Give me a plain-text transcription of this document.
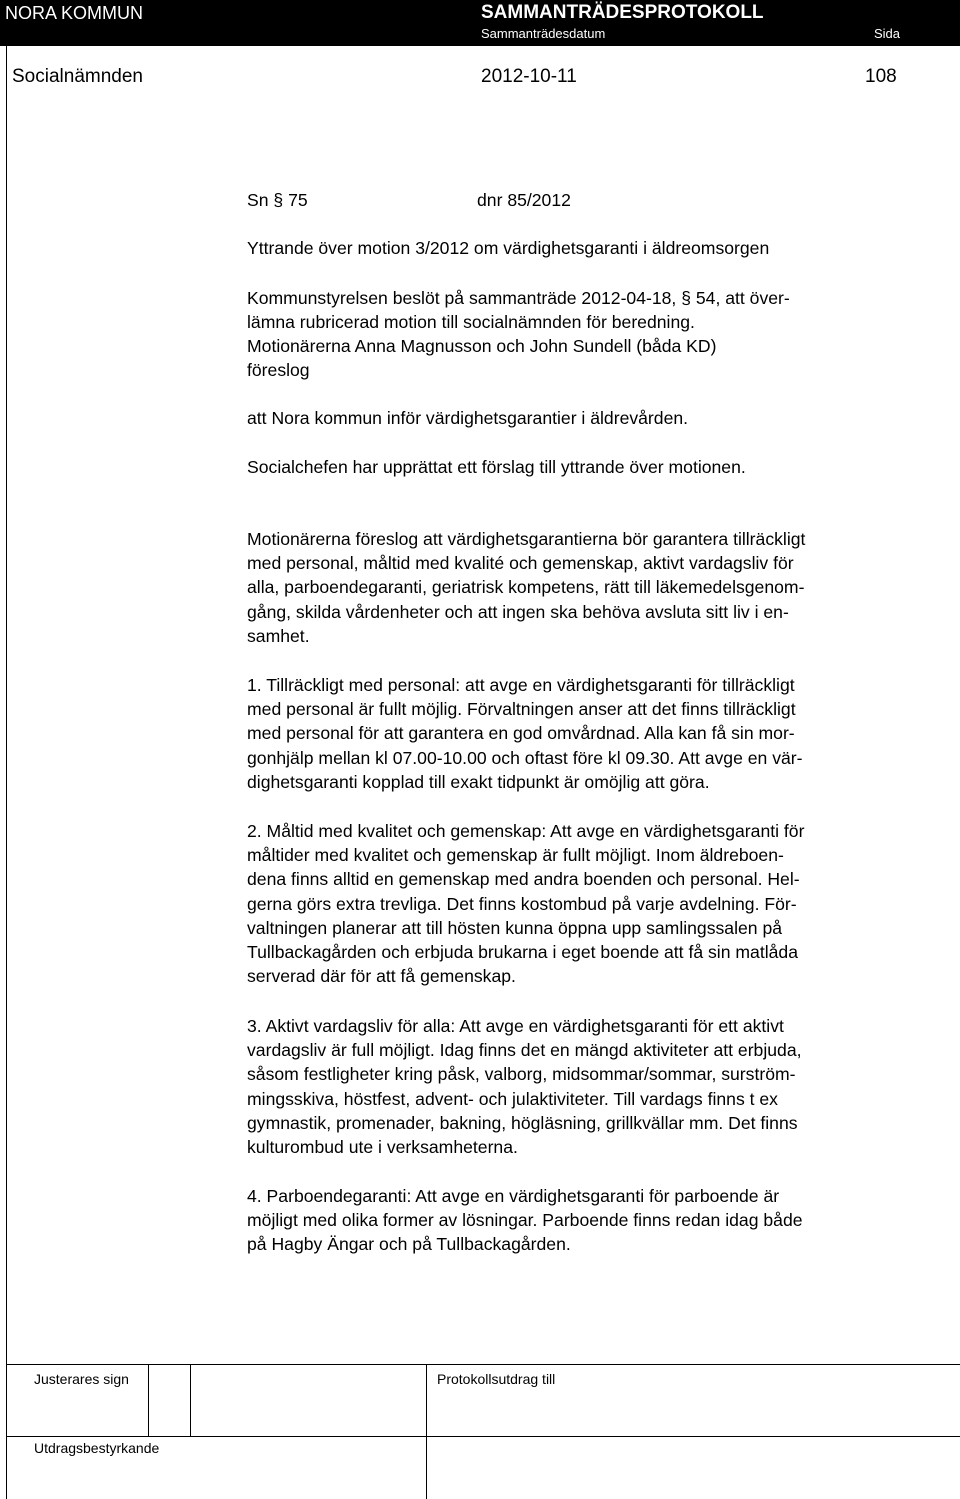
NORA KOMMUN	SAMMANTRÄDESPROTOKOLL
Sammanträdesdatum	Sida
Socialnämnden	2012-10-11	108
Sn § 75	dnr 85/2012
Yttrande över motion 3/2012 om värdighetsgaranti i äldreomsorgen
Kommunstyrelsen beslöt på sammanträde 2012-04-18, § 54, att över-
lämna rubricerad motion till socialnämnden för beredning.
Motionärerna Anna Magnusson och John Sundell (båda KD)
föreslog

att Nora kommun inför värdighetsgarantier i äldrevården.

Socialchefen har upprättat ett förslag till yttrande över motionen.
Motionärerna föreslog att värdighetsgarantierna bör garantera tillräckligt
med personal, måltid med kvalité och gemenskap, aktivt vardagsliv för
alla, parboendegaranti, geriatrisk kompetens, rätt till läkemedelsgenom-
gång, skilda vårdenheter och att ingen ska behöva avsluta sitt liv i en-
samhet.
1. Tillräckligt med personal: att avge en värdighetsgaranti för tillräckligt
med personal är fullt möjlig. Förvaltningen anser att det finns tillräckligt
med personal för att garantera en god omvårdnad. Alla kan få sin mor-
gonhjälp mellan kl 07.00-10.00 och oftast före kl 09.30. Att avge en vär-
dighetsgaranti kopplad till exakt tidpunkt är omöjlig att göra.
2. Måltid med kvalitet och gemenskap: Att avge en värdighetsgaranti för
måltider med kvalitet och gemenskap är fullt möjligt. Inom äldreboen-
dena finns alltid en gemenskap med andra boenden och personal. Hel-
gerna görs extra trevliga. Det finns kostombud på varje avdelning. För-
valtningen planerar att till hösten kunna öppna upp samlingssalen på
Tullbackagården och erbjuda brukarna i eget boende att få sin matlåda
serverad där för att få gemenskap.
3. Aktivt vardagsliv för alla: Att avge en värdighetsgaranti för ett aktivt
vardagsliv är full möjligt. Idag finns det en mängd aktiviteter att erbjuda,
såsom festligheter kring påsk, valborg, midsommar/sommar, surström-
mingsskiva, höstfest, advent- och julaktiviteter. Till vardags finns t ex
gymnastik, promenader, bakning, högläsning, grillkvällar mm. Det finns
kulturombud ute i verksamheterna.
4. Parboendegaranti: Att avge en värdighetsgaranti för parboende är
möjligt med olika former av lösningar. Parboende finns redan idag både
på Hagby Ängar och på Tullbackagården.
Justerares sign	Protokollsutdrag till
Utdragsbestyrkande
